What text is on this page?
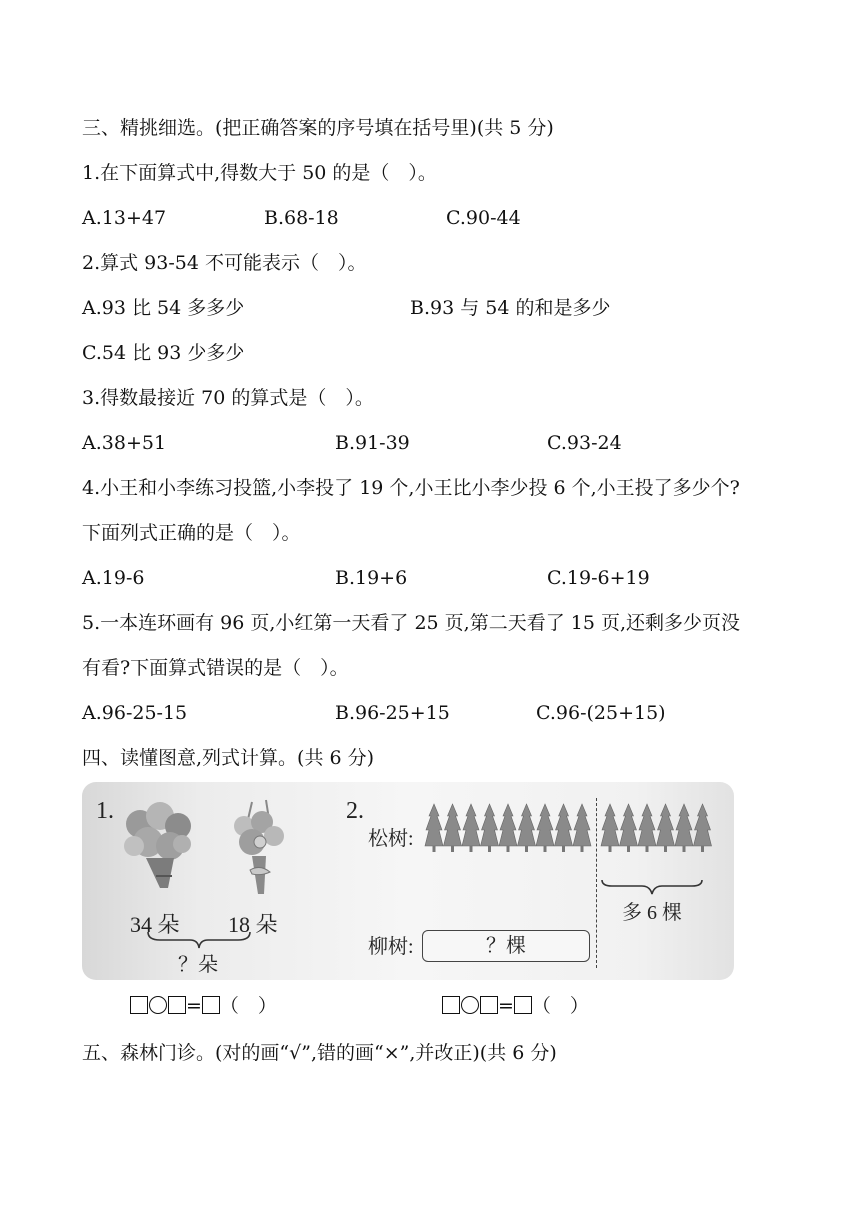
三、精挑细选。(把正确答案的序号填在括号里)(共 5 分)
1.在下面算式中,得数大于 50 的是（　）。
A.13+47	B.68-18	C.90-44
2.算式 93-54 不可能表示（　）。
A.93 比 54 多多少	B.93 与 54 的和是多少
C.54 比 93 少多少
3.得数最接近 70 的算式是（　）。
A.38+51	B.91-39	C.93-24
4.小王和小李练习投篮,小李投了 19 个,小王比小李少投 6 个,小王投了多少个?
下面列式正确的是（　）。
A.19-6	B.19+6	C.19-6+19
5.一本连环画有 96 页,小红第一天看了 25 页,第二天看了 15 页,还剩多少页没
有看?下面算式错误的是（　）。
A.96-25-15	B.96-25+15	C.96-(25+15)
四、读懂图意,列式计算。(共 6 分)
1.
34 朵 18 朵
？朵
2.
松树:
多 6 棵
柳树:	？棵
= （　）	= （　）
五、森林门诊。(对的画“√”,错的画“×”,并改正)(共 6 分)
